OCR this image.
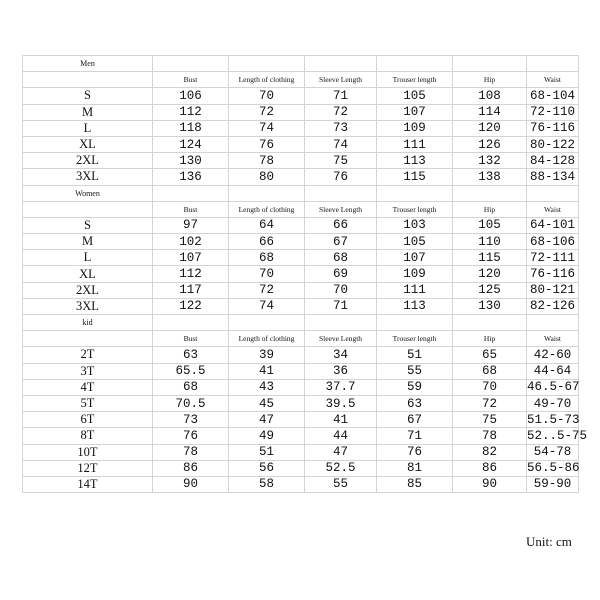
Men						
	Bust	Length of clothing	Sleeve Length	Trouser length	Hip	Waist
S	106	70	71	105	108	68-104
M	112	72	72	107	114	72-110
L	118	74	73	109	120	76-116
XL	124	76	74	111	126	80-122
2XL	130	78	75	113	132	84-128
3XL	136	80	76	115	138	88-134
Women						
	Bust	Length of clothing	Sleeve Length	Trouser length	Hip	Waist
S	97	64	66	103	105	64-101
M	102	66	67	105	110	68-106
L	107	68	68	107	115	72-111
XL	112	70	69	109	120	76-116
2XL	117	72	70	111	125	80-121
3XL	122	74	71	113	130	82-126
kid						
	Bust	Length of clothing	Sleeve Length	Trouser length	Hip	Waist
2T	63	39	34	51	65	42-60
3T	65.5	41	36	55	68	44-64
4T	68	43	37.7	59	70	46.5-67
5T	70.5	45	39.5	63	72	49-70
6T	73	47	41	67	75	51.5-73
8T	76	49	44	71	78	52..5-75
10T	78	51	47	76	82	54-78
12T	86	56	52.5	81	86	56.5-86
14T	90	58	55	85	90	59-90
Unit: cm
